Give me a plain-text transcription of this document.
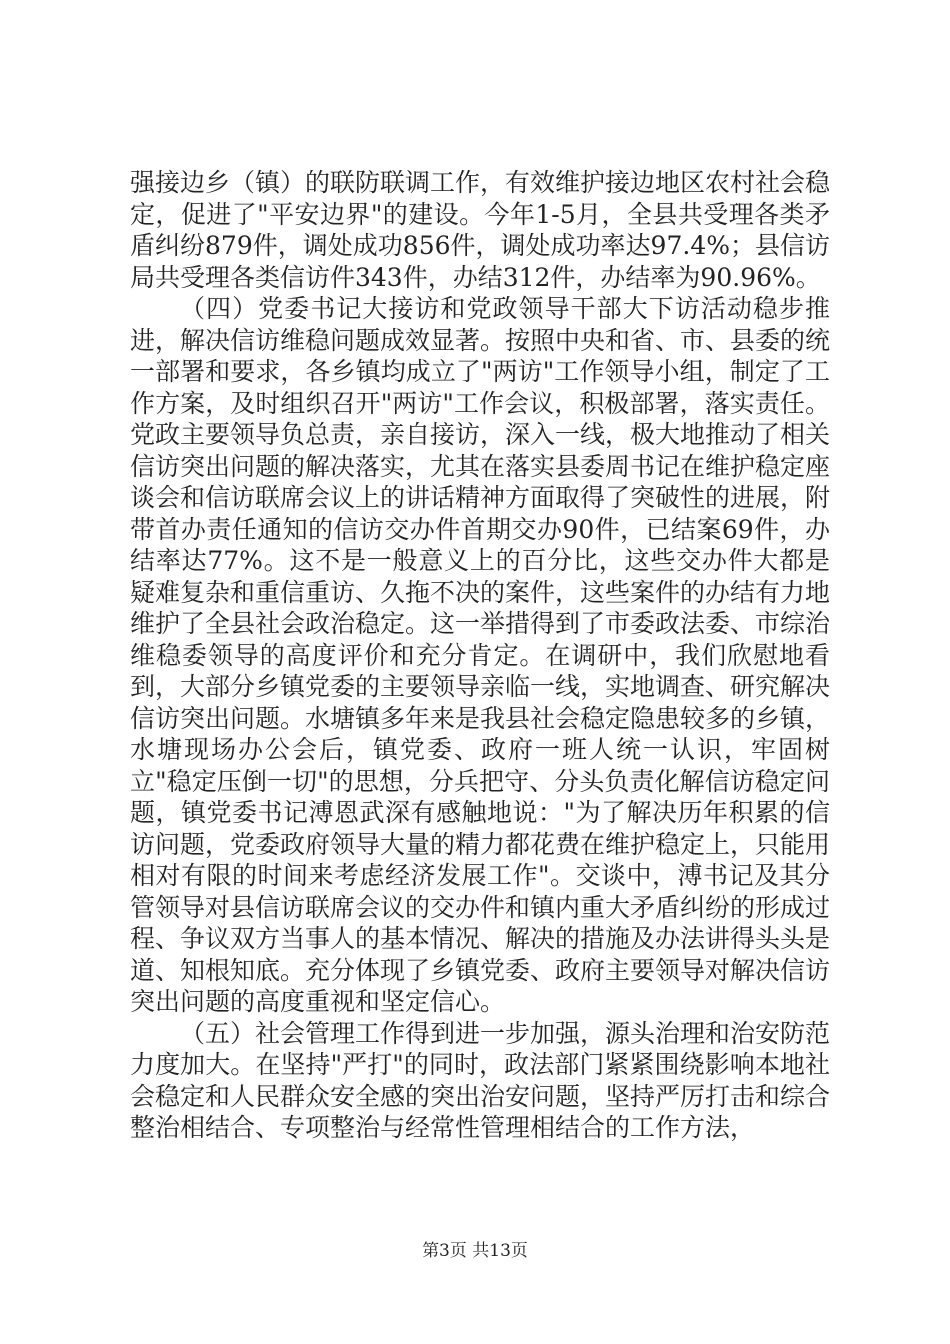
强接边乡（镇）的联防联调工作，有效维护接边地区农村社会稳定，促进了"平安边界"的建设。今年1-5月，全县共受理各类矛盾纠纷879件，调处成功856件，调处成功率达97.4%；县信访局共受理各类信访件343件，办结312件，办结率为90.96%。

（四）党委书记大接访和党政领导干部大下访活动稳步推进，解决信访维稳问题成效显著。按照中央和省、市、县委的统一部署和要求，各乡镇均成立了"两访"工作领导小组，制定了工作方案，及时组织召开"两访"工作会议，积极部署，落实责任。党政主要领导负总责，亲自接访，深入一线，极大地推动了相关信访突出问题的解决落实，尤其在落实县委周书记在维护稳定座谈会和信访联席会议上的讲话精神方面取得了突破性的进展，附带首办责任通知的信访交办件首期交办90件，已结案69件，办结率达77%。这不是一般意义上的百分比，这些交办件大都是疑难复杂和重信重访、久拖不决的案件，这些案件的办结有力地维护了全县社会政治稳定。这一举措得到了市委政法委、市综治维稳委领导的高度评价和充分肯定。在调研中，我们欣慰地看到，大部分乡镇党委的主要领导亲临一线，实地调查、研究解决信访突出问题。水塘镇多年来是我县社会稳定隐患较多的乡镇，水塘现场办公会后，镇党委、政府一班人统一认识，牢固树立"稳定压倒一切"的思想，分兵把守、分头负责化解信访稳定问题，镇党委书记溥恩武深有感触地说："为了解决历年积累的信访问题，党委政府领导大量的精力都花费在维护稳定上，只能用相对有限的时间来考虑经济发展工作"。交谈中，溥书记及其分管领导对县信访联席会议的交办件和镇内重大矛盾纠纷的形成过程、争议双方当事人的基本情况、解决的措施及办法讲得头头是道、知根知底。充分体现了乡镇党委、政府主要领导对解决信访突出问题的高度重视和坚定信心。

（五）社会管理工作得到进一步加强，源头治理和治安防范力度加大。在坚持"严打"的同时，政法部门紧紧围绕影响本地社会稳定和人民群众安全感的突出治安问题，坚持严厉打击和综合整治相结合、专项整治与经常性管理相结合的工作方法，

第3页 共13页
